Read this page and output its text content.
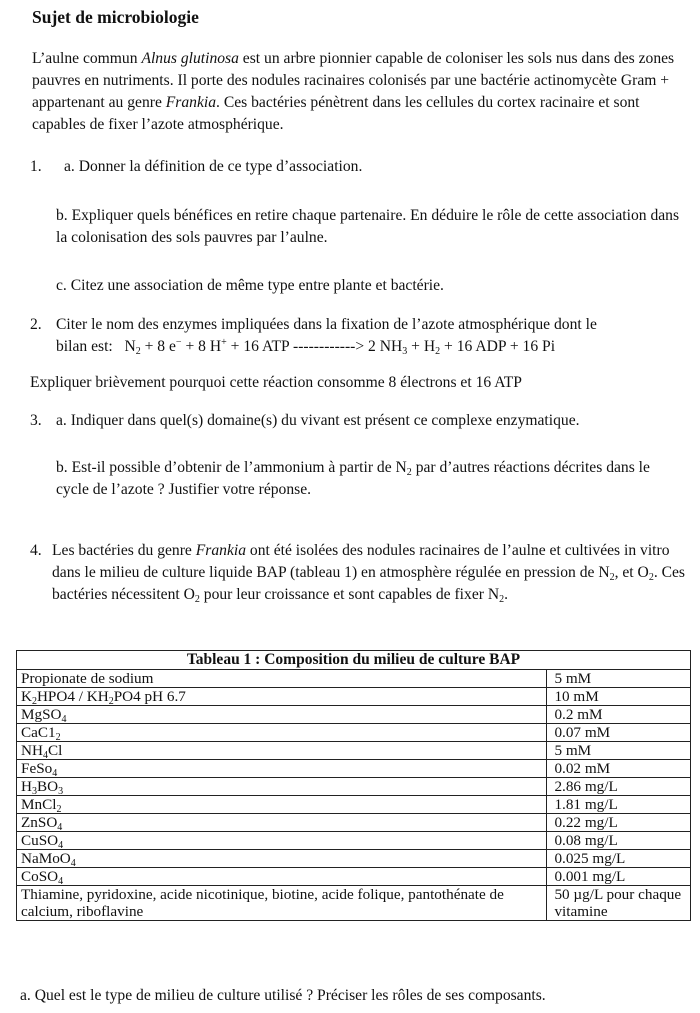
Sujet de microbiologie
L’aulne commun Alnus glutinosa est un arbre pionnier capable de coloniser les sols nus dans des zones pauvres en nutriments. Il porte des nodules racinaires colonisés par une bactérie actinomycète Gram + appartenant au genre Frankia. Ces bactéries pénètrent dans les cellules du cortex racinaire et sont capables de fixer l’azote atmosphérique.
1. a. Donner la définition de ce type d’association.
b. Expliquer quels bénéfices en retire chaque partenaire. En déduire le rôle de cette association dans la colonisation des sols pauvres par l’aulne.
c. Citez une association de même type entre plante et bactérie.
2. Citer le nom des enzymes impliquées dans la fixation de l’azote atmosphérique dont le
bilan est: $N_2 + 8$ e− + 8 H+ + 16 ATP ------------> 2 $NH_3 + H_2 + 16$ ADP + 16 Pi
Expliquer brièvement pourquoi cette réaction consomme 8 électrons et 16 ATP
3. a. Indiquer dans quel(s) domaine(s) du vivant est présent ce complexe enzymatique.
b. Est-il possible d’obtenir de l’ammonium à partir de $N_2$ par d’autres réactions décrites dans le cycle de l’azote ? Justifier votre réponse.
4. Les bactéries du genre Frankia ont été isolées des nodules racinaires de l’aulne et cultivées in vitro dans le milieu de culture liquide BAP (tableau 1) en atmosphère régulée en pression de $N_2$, et $O_2$. Ces bactéries nécessitent $O_2$ pour leur croissance et sont capables de fixer $N_2$.
Tableau 1 : Composition du milieu de culture BAP	
Propionate de sodium	5 mM
$K_2HPO4 / KH_2PO4$ pH 6.7	10 mM
MgSO$_4$	0.2 mM
$CaC1_2$	0.07 mM
$NH_4Cl$	5 mM
FeSo$_4$	0.02 mM
$H_3BO_3$	2.86 mg/L
MnCl$_2$	1.81 mg/L
ZnSO$_4$	0.22 mg/L
CuSO$_4$	0.08 mg/L
NaMoO$_4$	0.025 mg/L
CoSO$_4$	0.001 mg/L
Thiamine, pyridoxine, acide nicotinique, biotine, acide folique, pantothénate de calcium, riboflavine	50 µg/L pour chaque vitamine
a. Quel est le type de milieu de culture utilisé ? Préciser les rôles de ses composants.
